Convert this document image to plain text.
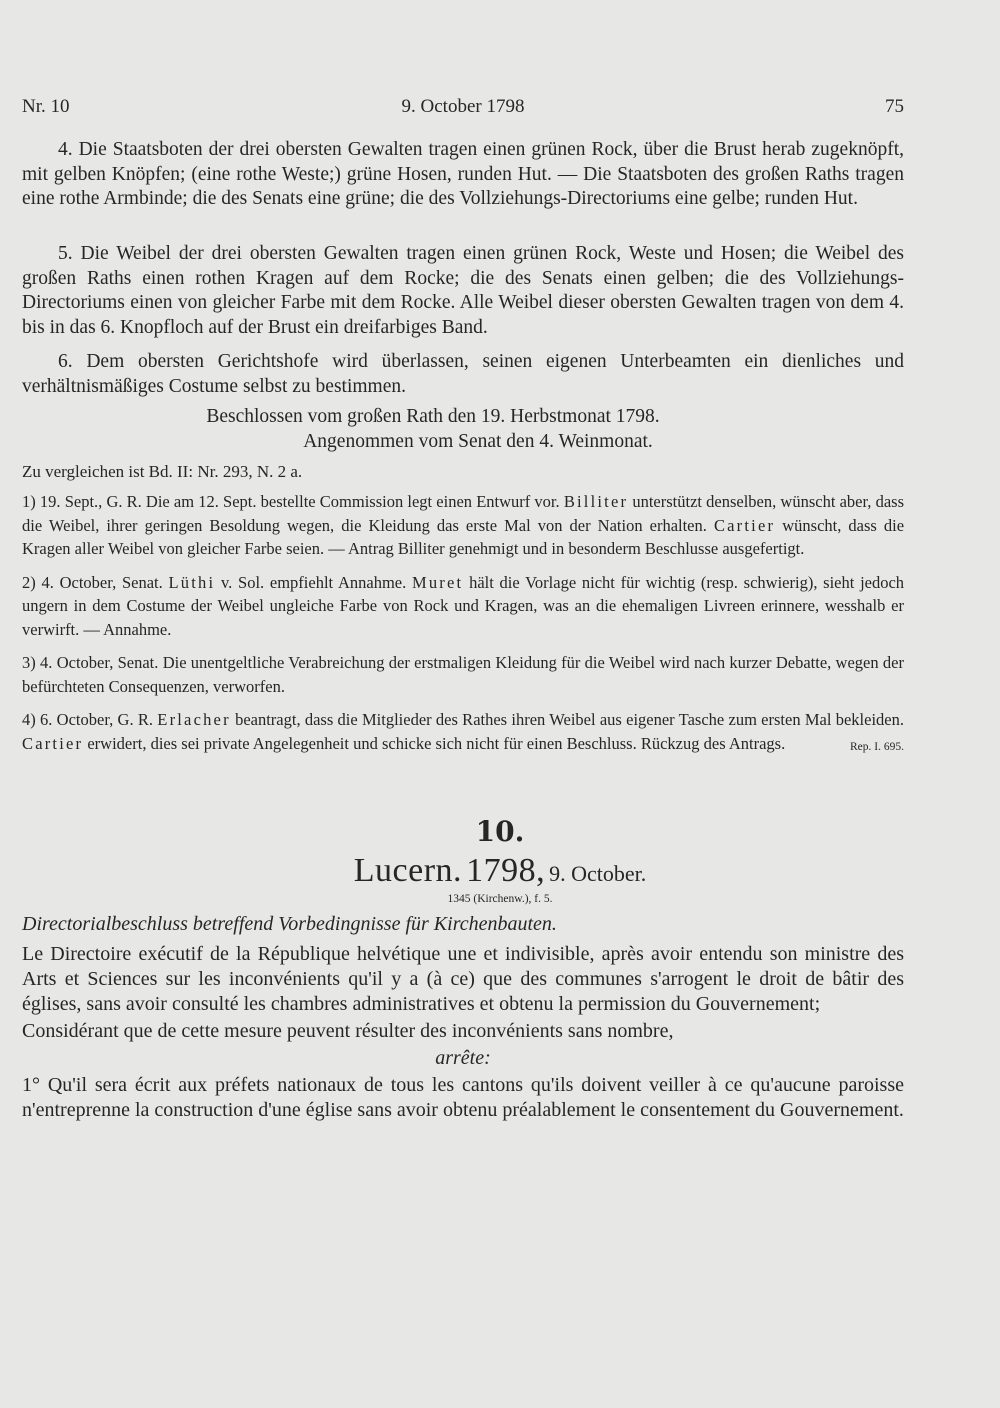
Nr. 10	9. October 1798	75

4. Die Staatsboten der drei obersten Gewalten tragen einen grünen Rock, über die Brust herab zugeknöpft, mit gelben Knöpfen; (eine rothe Weste;) grüne Hosen, runden Hut. — Die Staatsboten des großen Raths tragen eine rothe Armbinde; die des Senats eine grüne; die des Vollziehungs-Directoriums eine gelbe; runden Hut.

5. Die Weibel der drei obersten Gewalten tragen einen grünen Rock, Weste und Hosen; die Weibel des großen Raths einen rothen Kragen auf dem Rocke; die des Senats einen gelben; die des Vollziehungs-Directoriums einen von gleicher Farbe mit dem Rocke. Alle Weibel dieser obersten Gewalten tragen von dem 4. bis in das 6. Knopfloch auf der Brust ein dreifarbiges Band.

6. Dem obersten Gerichtshofe wird überlassen, seinen eigenen Unterbeamten ein dienliches und verhältnismäßiges Costume selbst zu bestimmen.

Beschlossen vom großen Rath den 19. Herbstmonat 1798.

Angenommen vom Senat den 4. Weinmonat.

Zu vergleichen ist Bd. II: Nr. 293, N. 2 a.

1) 19. Sept., G. R. Die am 12. Sept. bestellte Commission legt einen Entwurf vor. Billiter unterstützt denselben, wünscht aber, dass die Weibel, ihrer geringen Besoldung wegen, die Kleidung das erste Mal von der Nation erhalten. Cartier wünscht, dass die Kragen aller Weibel von gleicher Farbe seien. — Antrag Billiter genehmigt und in besonderm Beschlusse ausgefertigt.

2) 4. October, Senat. Lüthi v. Sol. empfiehlt Annahme. Muret hält die Vorlage nicht für wichtig (resp. schwierig), sieht jedoch ungern in dem Costume der Weibel ungleiche Farbe von Rock und Kragen, was an die ehemaligen Livreen erinnere, wesshalb er verwirft. — Annahme.

3) 4. October, Senat. Die unentgeltliche Verabreichung der erstmaligen Kleidung für die Weibel wird nach kurzer Debatte, wegen der befürchteten Consequenzen, verworfen.

4) 6. October, G. R. Erlacher beantragt, dass die Mitglieder des Rathes ihren Weibel aus eigener Tasche zum ersten Mal bekleiden. Cartier erwidert, dies sei private Angelegenheit und schicke sich nicht für einen Beschluss. Rückzug des Antrags.	Rep. I. 695.

10.
Lucern. 1798, 9. October.
1345 (Kirchenw.), f. 5.

Directorialbeschluss betreffend Vorbedingnisse für Kirchenbauten.

Le Directoire exécutif de la République helvétique une et indivisible, après avoir entendu son ministre des Arts et Sciences sur les inconvénients qu'il y a (à ce) que des communes s'arrogent le droit de bâtir des églises, sans avoir consulté les chambres administratives et obtenu la permission du Gouvernement;

Considérant que de cette mesure peuvent résulter des inconvénients sans nombre,

arrête:

1° Qu'il sera écrit aux préfets nationaux de tous les cantons qu'ils doivent veiller à ce qu'aucune paroisse n'entreprenne la construction d'une église sans avoir obtenu préalablement le consentement du Gouvernement.
